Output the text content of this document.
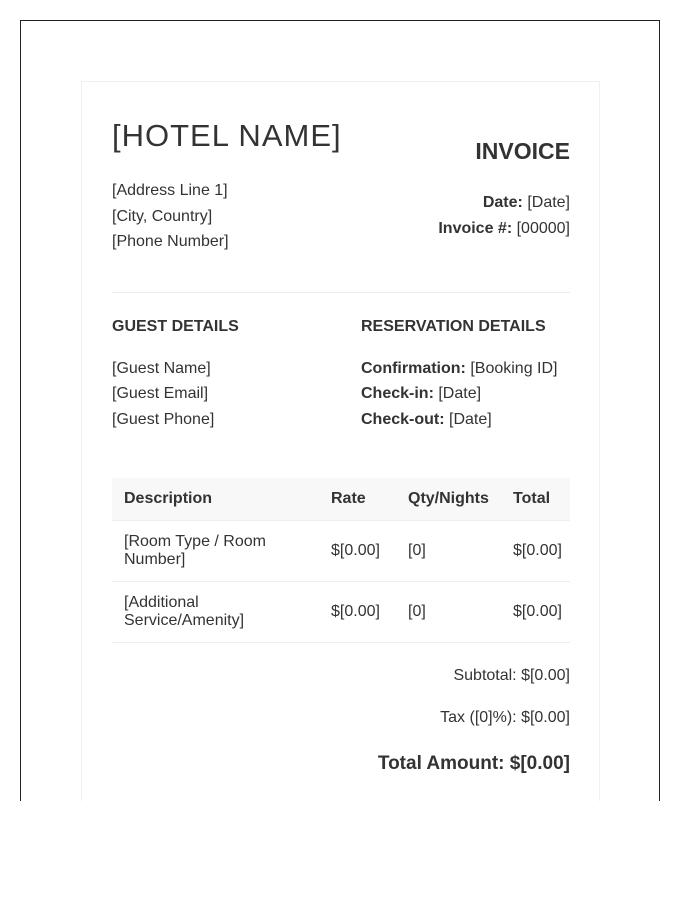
[HOTEL NAME]	INVOICE
[Address Line 1]
[City, Country]
[Phone Number]
Date: [Date]
Invoice #: [00000]
GUEST DETAILS	RESERVATION DETAILS
[Guest Name]
[Guest Email]
[Guest Phone]
Confirmation: [Booking ID]
Check-in: [Date]
Check-out: [Date]
Description	Rate	Qty/Nights	Total
[Room Type / Room Number]	$[0.00]	[0]	$[0.00]
[Additional Service/Amenity]	$[0.00]	[0]	$[0.00]
Subtotal: $[0.00]
Tax ([0]%): $[0.00]
Total Amount: $[0.00]
